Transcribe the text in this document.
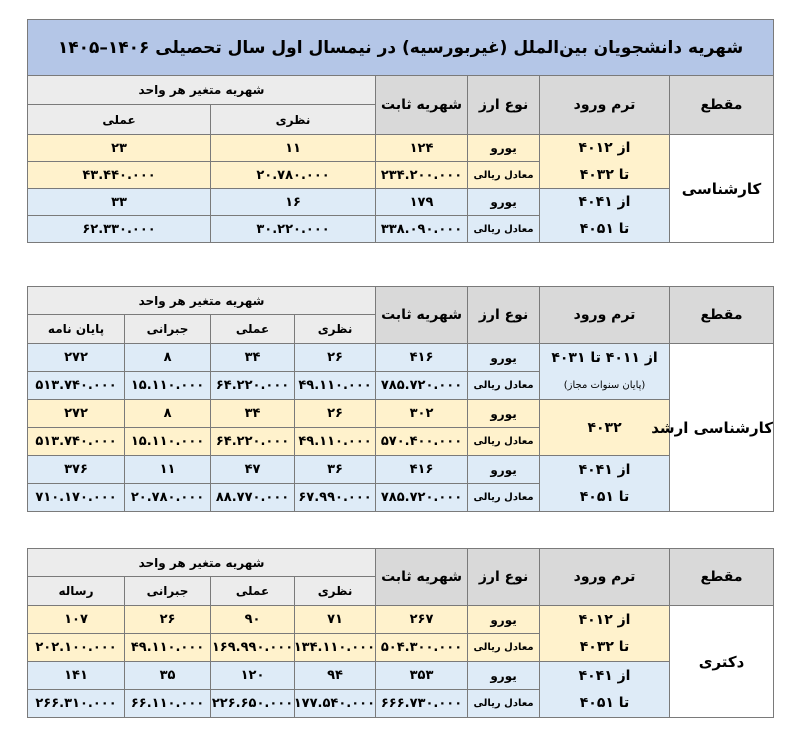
شهریه دانشجویان بین‌الملل (غیربورسیه) در نیمسال اول سال تحصیلی ۱۴۰۶–۱۴۰۵					
مقطع	ترم ورود	نوع ارز	شهریه ثابت	شهریه متغیر هر واحد	
				نظری	عملی
کارشناسی	از ۴۰۱۲	یورو	۱۲۴	۱۱	۲۳
	تا ۴۰۳۲	معادل ریالی	۲۳۴.۲۰۰.۰۰۰	۲۰.۷۸۰.۰۰۰	۴۳.۴۴۰.۰۰۰
	از ۴۰۴۱	یورو	۱۷۹	۱۶	۳۳
	تا ۴۰۵۱	معادل ریالی	۳۳۸.۰۹۰.۰۰۰	۳۰.۲۲۰.۰۰۰	۶۲.۳۳۰.۰۰۰
مقطع	ترم ورود	نوع ارز	شهریه ثابت	شهریه متغیر هر واحد			
				نظری	عملی	جبرانی	پایان نامه
کارشناسی ارشد	از ۴۰۱۱ تا ۴۰۳۱	یورو	۴۱۶	۲۶	۳۴	۸	۲۷۲
	(پایان سنوات مجاز)	معادل ریالی	۷۸۵.۷۲۰.۰۰۰	۴۹.۱۱۰.۰۰۰	۶۴.۲۲۰.۰۰۰	۱۵.۱۱۰.۰۰۰	۵۱۳.۷۴۰.۰۰۰
	۴۰۳۲	یورو	۳۰۲	۲۶	۳۴	۸	۲۷۲
		معادل ریالی	۵۷۰.۴۰۰.۰۰۰	۴۹.۱۱۰.۰۰۰	۶۴.۲۲۰.۰۰۰	۱۵.۱۱۰.۰۰۰	۵۱۳.۷۴۰.۰۰۰
	از ۴۰۴۱	یورو	۴۱۶	۳۶	۴۷	۱۱	۳۷۶
	تا ۴۰۵۱	معادل ریالی	۷۸۵.۷۲۰.۰۰۰	۶۷.۹۹۰.۰۰۰	۸۸.۷۷۰.۰۰۰	۲۰.۷۸۰.۰۰۰	۷۱۰.۱۷۰.۰۰۰
مقطع	ترم ورود	نوع ارز	شهریه ثابت	شهریه متغیر هر واحد			
				نظری	عملی	جبرانی	رساله
دکتری	از ۴۰۱۲	یورو	۲۶۷	۷۱	۹۰	۲۶	۱۰۷
	تا ۴۰۳۲	معادل ریالی	۵۰۴.۳۰۰.۰۰۰	۱۳۴.۱۱۰.۰۰۰	۱۶۹.۹۹۰.۰۰۰	۴۹.۱۱۰.۰۰۰	۲۰۲.۱۰۰.۰۰۰
	از ۴۰۴۱	یورو	۳۵۳	۹۴	۱۲۰	۳۵	۱۴۱
	تا ۴۰۵۱	معادل ریالی	۶۶۶.۷۳۰.۰۰۰	۱۷۷.۵۴۰.۰۰۰	۲۲۶.۶۵۰.۰۰۰	۶۶.۱۱۰.۰۰۰	۲۶۶.۳۱۰.۰۰۰
